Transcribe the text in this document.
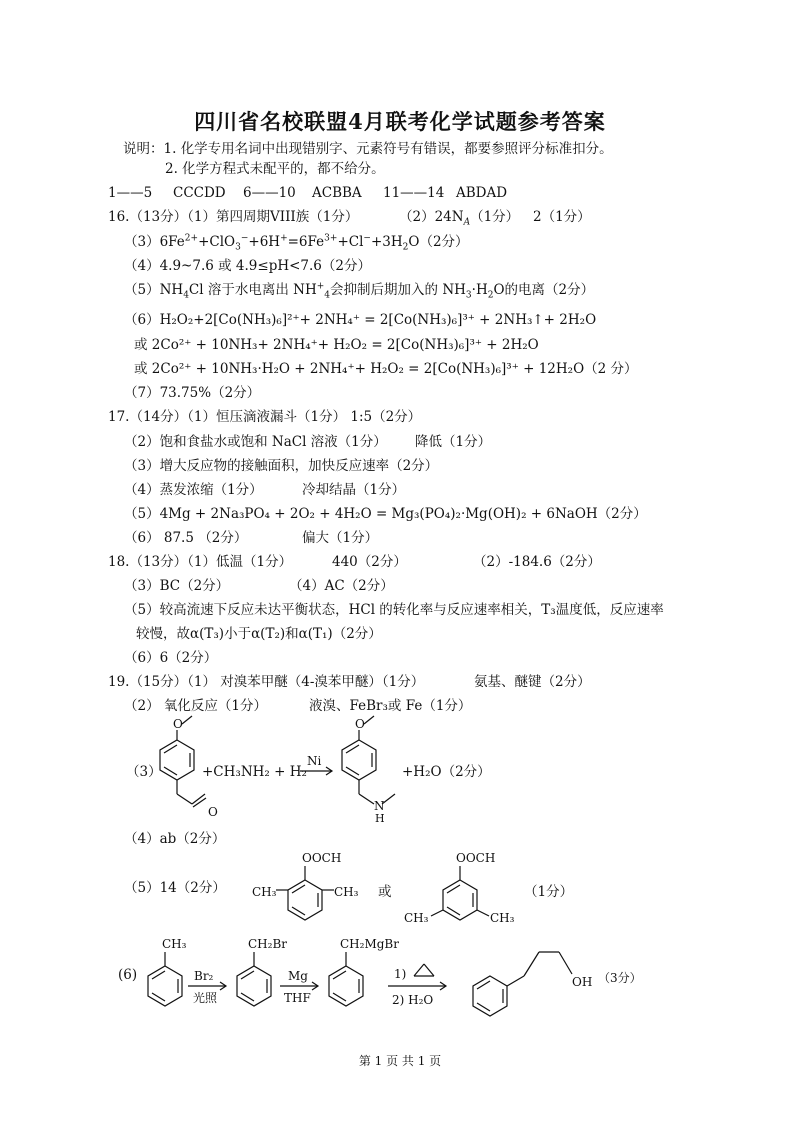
四川省名校联盟4月联考化学试题参考答案
说明：1. 化学专用名词中出现错别字、元素符号有错误，都要参照评分标准扣分。
2. 化学方程式未配平的，都不给分。
1——5 CCCDD 6——10 ACBBA 11——14 ABDAD
16.（13分）（1）第四周期VIII族（1分）	$(2)24N_A(1$分） 2（1分）
$(3)6Fe^{2+}+ClO_3^-+6H^+=6Fe^{3+}+Cl^-+3H_2O(2$分）
（4）4.9~7.6 或 4.9≤pH<7.6（2分）
$(5)NH_4Cl$ 溶于水电离出 $NH^+_4$会抑制后期加入的 $NH_3\cdot H_2O$的电离（2分）
（6）H₂O₂+2[Co(NH₃)₆]²⁺+ 2NH₄⁺ = 2[Co(NH₃)₆]³⁺ + 2NH₃↑+ 2H₂O
或 2Co²⁺ + 10NH₃+ 2NH₄⁺+ H₂O₂ = 2[Co(NH₃)₆]³⁺ + 2H₂O
或 2Co²⁺ + 10NH₃·H₂O + 2NH₄⁺+ H₂O₂ = 2[Co(NH₃)₆]³⁺ + 12H₂O（2 分）
（7）73.75%（2分）
17.（14分）（1）恒压滴液漏斗（1分） 1:5（2分）
（2）饱和食盐水或饱和 NaCl 溶液（1分） 降低（1分）
（3）增大反应物的接触面积，加快反应速率（2分）
（4）蒸发浓缩（1分）	冷却结晶（1分）
（5）4Mg + 2Na₃PO₄ + 2O₂ + 4H₂O = Mg₃(PO₄)₂·Mg(OH)₂ + 6NaOH（2分）
（6） 87.5 （2分）	偏大（1分）
18.（13分）（1）低温（1分）	440（2分）	（2）-184.6（2分）
（3）BC（2分）	（4）AC（2分）
（5）较高流速下反应未达平衡状态，HCl 的转化率与反应速率相关，T₃温度低，反应速率
较慢，故α(T₃)小于α(T₂)和α(T₁)（2分）
（6）6（2分）
19.（15分）（1） 对溴苯甲醚（4-溴苯甲醚）（1分）	氨基、醚键（2分）
（2） 氧化反应（1分）	液溴、FeBr₃或 Fe（1分）
（3）
O
O
+CH₃NH₂ + H₂
Ni
O
N
H
+H₂O（2分）
（4）ab（2分）
（5）14（2分）
OOCH
CH₃	CH₃ 或
OOCH
CH₃	CH₃
（1分）
(6)
CH₃
Br₂
光照
CH₂Br
Mg
THF
CH₂MgBr
1)
2) H₂O
OH （3分）
第 1 页 共 1 页
